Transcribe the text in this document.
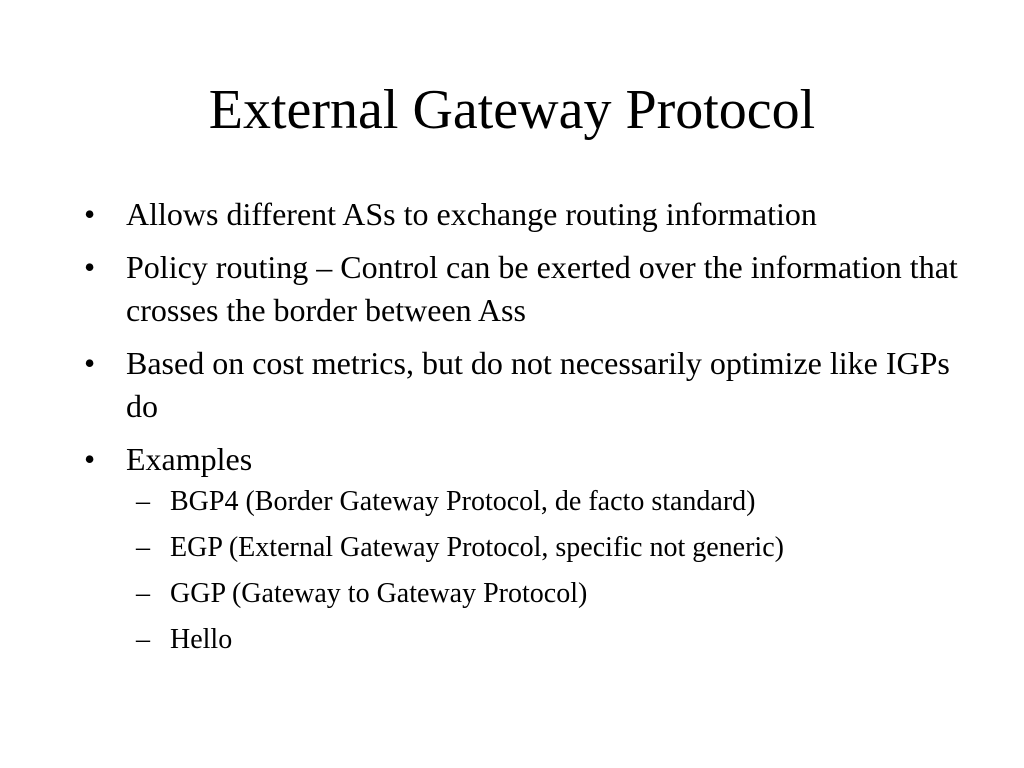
External Gateway Protocol
• Allows different ASs to exchange routing information
• Policy routing – Control can be exerted over the information that crosses the border between Ass
• Based on cost metrics, but do not necessarily optimize like IGPs do
• Examples
– BGP4 (Border Gateway Protocol, de facto standard)
– EGP (External Gateway Protocol, specific not generic)
– GGP (Gateway to Gateway Protocol)
– Hello
